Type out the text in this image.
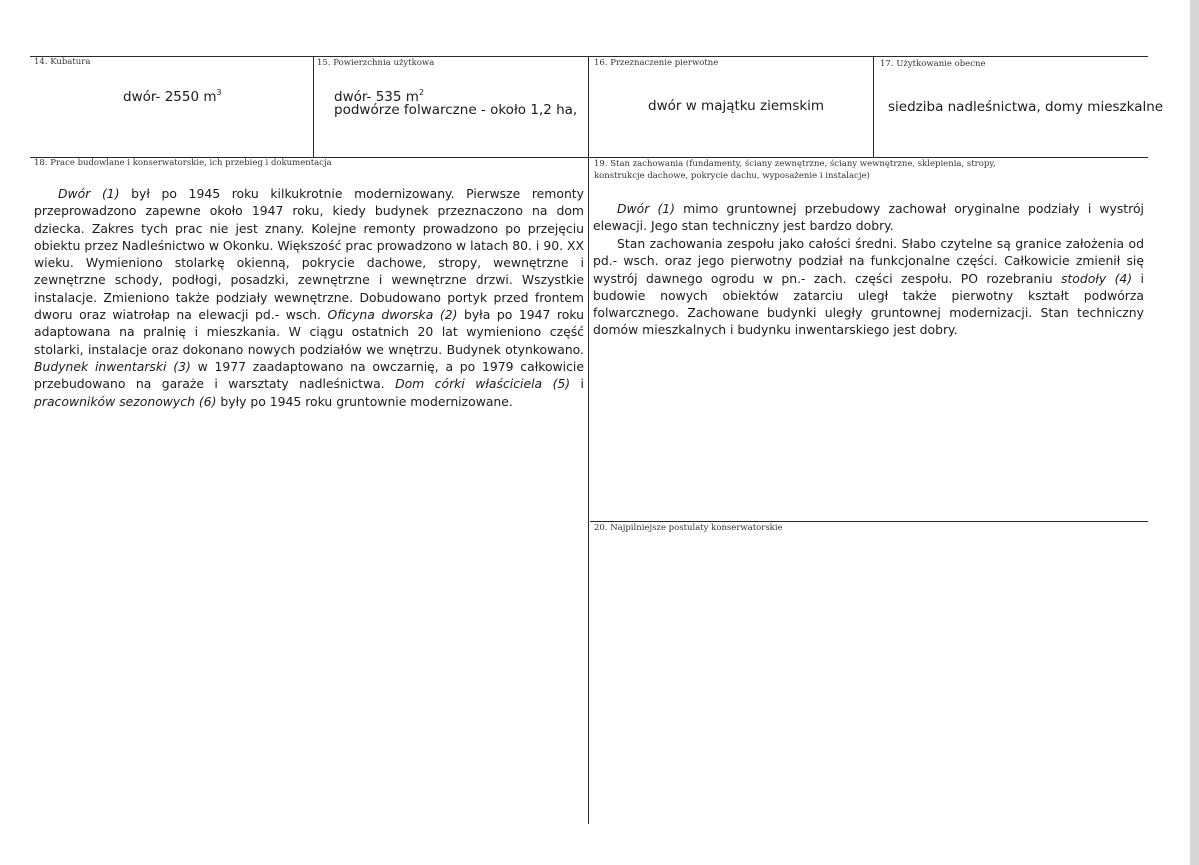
14. Kubatura
dwór- 2550 $m^3$
15. Powierzchnia użytkowa
dwór- 535 $m^2$
podwórze folwarczne - około 1,2 ha,
16. Przeznaczenie pierwotne
dwór w majątku ziemskim
17. Użytkowanie obecne
siedziba nadleśnictwa, domy mieszkalne
18. Prace budowlane i konserwatorskie, ich przebieg i dokumentacja

Dwór (1) był po 1945 roku kilkukrotnie modernizowany. Pierwsze remonty przeprowadzono zapewne około 1947 roku, kiedy budynek przeznaczono na dom dziecka. Zakres tych prac nie jest znany. Kolejne remonty prowadzono po przejęciu obiektu przez Nadleśnictwo w Okonku. Większość prac prowadzono w latach 80. i 90. XX wieku. Wymieniono stolarkę okienną, pokrycie dachowe, stropy, wewnętrzne i zewnętrzne schody, podłogi, posadzki, zewnętrzne i wewnętrzne drzwi. Wszystkie instalacje. Zmieniono także podziały wewnętrzne. Dobudowano portyk przed frontem dworu oraz wiatrołap na elewacji pd.- wsch. Oficyna dworska (2) była po 1947 roku adaptowana na pralnię i mieszkania. W ciągu ostatnich 20 lat wymieniono część stolarki, instalacje oraz dokonano nowych podziałów we wnętrzu. Budynek otynkowano. Budynek inwentarski (3) w 1977 zaadaptowano na owczarnię, a po 1979 całkowicie przebudowano na garaże i warsztaty nadleśnictwa. Dom córki właściciela (5) i pracowników sezonowych (6) były po 1945 roku gruntownie modernizowane.

19. Stan zachowania (fundamenty, ściany zewnętrzne, ściany wewnętrzne, sklepienia, stropy,
konstrukcje dachowe, pokrycie dachu, wyposażenie i instalacje)

Dwór (1) mimo gruntownej przebudowy zachował oryginalne podziały i wystrój elewacji. Jego stan techniczny jest bardzo dobry.

Stan zachowania zespołu jako całości średni. Słabo czytelne są granice założenia od pd.- wsch. oraz jego pierwotny podział na funkcjonalne części. Całkowicie zmienił się wystrój dawnego ogrodu w pn.- zach. części zespołu. PO rozebraniu stodoły (4) i budowie nowych obiektów zatarciu uległ także pierwotny kształt podwórza folwarcznego. Zachowane budynki uległy gruntownej modernizacji. Stan techniczny domów mieszkalnych i budynku inwentarskiego jest dobry.

20. Najpilniejsze postulaty konserwatorskie
